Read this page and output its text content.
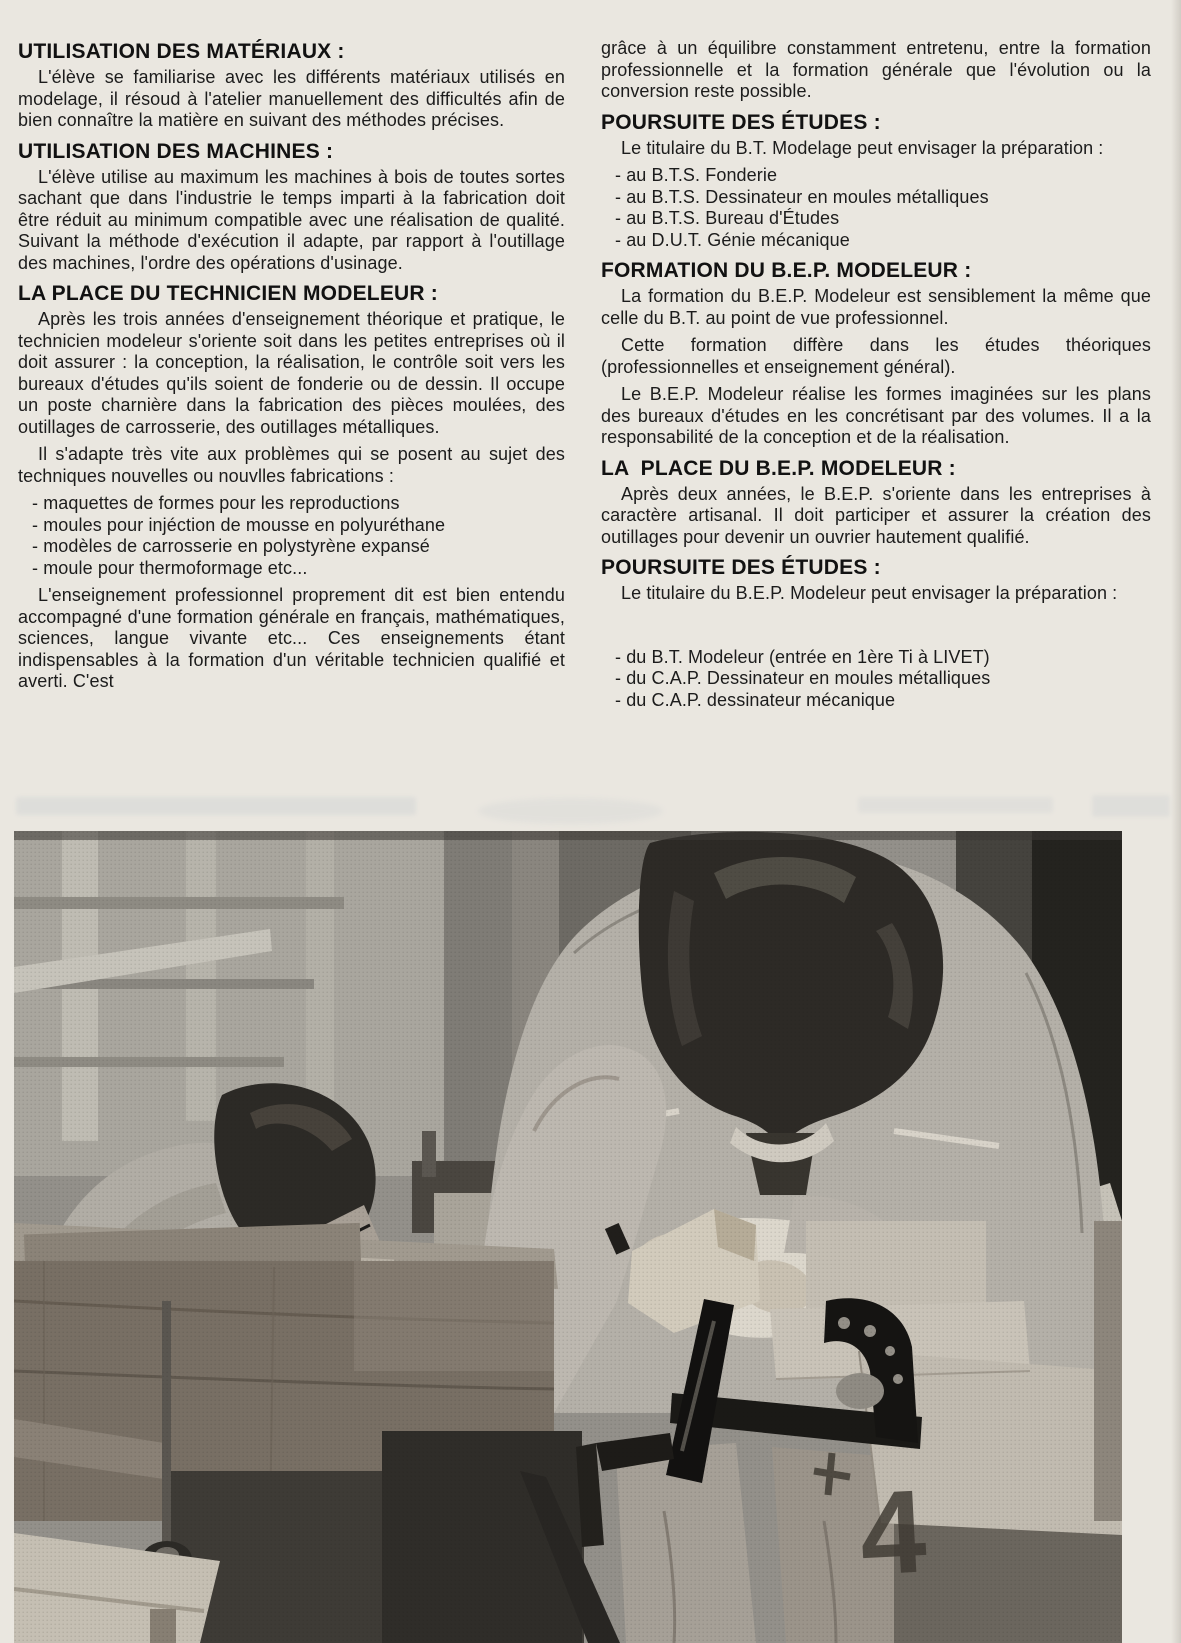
UTILISATION DES MATÉRIAUX :

L'élève se familiarise avec les différents matériaux utilisés en modelage, il résoud à l'atelier manuellement des difficultés afin de bien connaître la matière en suivant des méthodes précises.

UTILISATION DES MACHINES :

L'élève utilise au maximum les machines à bois de toutes sortes sachant que dans l'industrie le temps imparti à la fabrication doit être réduit au minimum compatible avec une réalisation de qualité. Suivant la méthode d'exécution il adapte, par rapport à l'outillage des machines, l'ordre des opérations d'usinage.

LA PLACE DU TECHNICIEN MODELEUR :

Après les trois années d'enseignement théorique et pratique, le technicien modeleur s'oriente soit dans les petites entreprises où il doit assurer : la conception, la réalisation, le contrôle soit vers les bureaux d'études qu'ils soient de fonderie ou de dessin. Il occupe un poste charnière dans la fabrication des pièces moulées, des outillages de carrosserie, des outillages métalliques.

Il s'adapte très vite aux problèmes qui se posent au sujet des techniques nouvelles ou nouvlles fabrications :

- maquettes de formes pour les reproductions
- moules pour injéction de mousse en polyuréthane
- modèles de carrosserie en polystyrène expansé
- moule pour thermoformage etc...

L'enseignement professionnel proprement dit est bien entendu accompagné d'une formation générale en français, mathématiques, sciences, langue vivante etc... Ces enseignements étant indispensables à la formation d'un véritable technicien qualifié et averti. C'est

grâce à un équilibre constamment entretenu, entre la formation professionnelle et la formation générale que l'évolution ou la conversion reste possible.

POURSUITE DES ÉTUDES :

Le titulaire du B.T. Modelage peut envisager la préparation :

- au B.T.S. Fonderie
- au B.T.S. Dessinateur en moules métalliques
- au B.T.S. Bureau d'Études
- au D.U.T. Génie mécanique
FORMATION DU B.E.P. MODELEUR :

La formation du B.E.P. Modeleur est sensiblement la même que celle du B.T. au point de vue professionnel.

Cette formation diffère dans les études théoriques (professionnelles et enseignement général).

Le B.E.P. Modeleur réalise les formes imaginées sur les plans des bureaux d'études en les concrétisant par des volumes. Il a la responsabilité de la conception et de la réalisation.

LA  PLACE DU B.E.P. MODELEUR :

Après deux années, le B.E.P. s'oriente dans les entreprises à caractère artisanal. Il doit participer et assurer la création des outillages pour devenir un ouvrier hautement qualifié.

POURSUITE DES ÉTUDES :

Le titulaire du B.E.P. Modeleur peut envisager la préparation :

- du B.T. Modeleur (entrée en 1ère Ti à LIVET)
- du C.A.P. Dessinateur en moules métalliques
- du C.A.P. dessinateur mécanique
4
